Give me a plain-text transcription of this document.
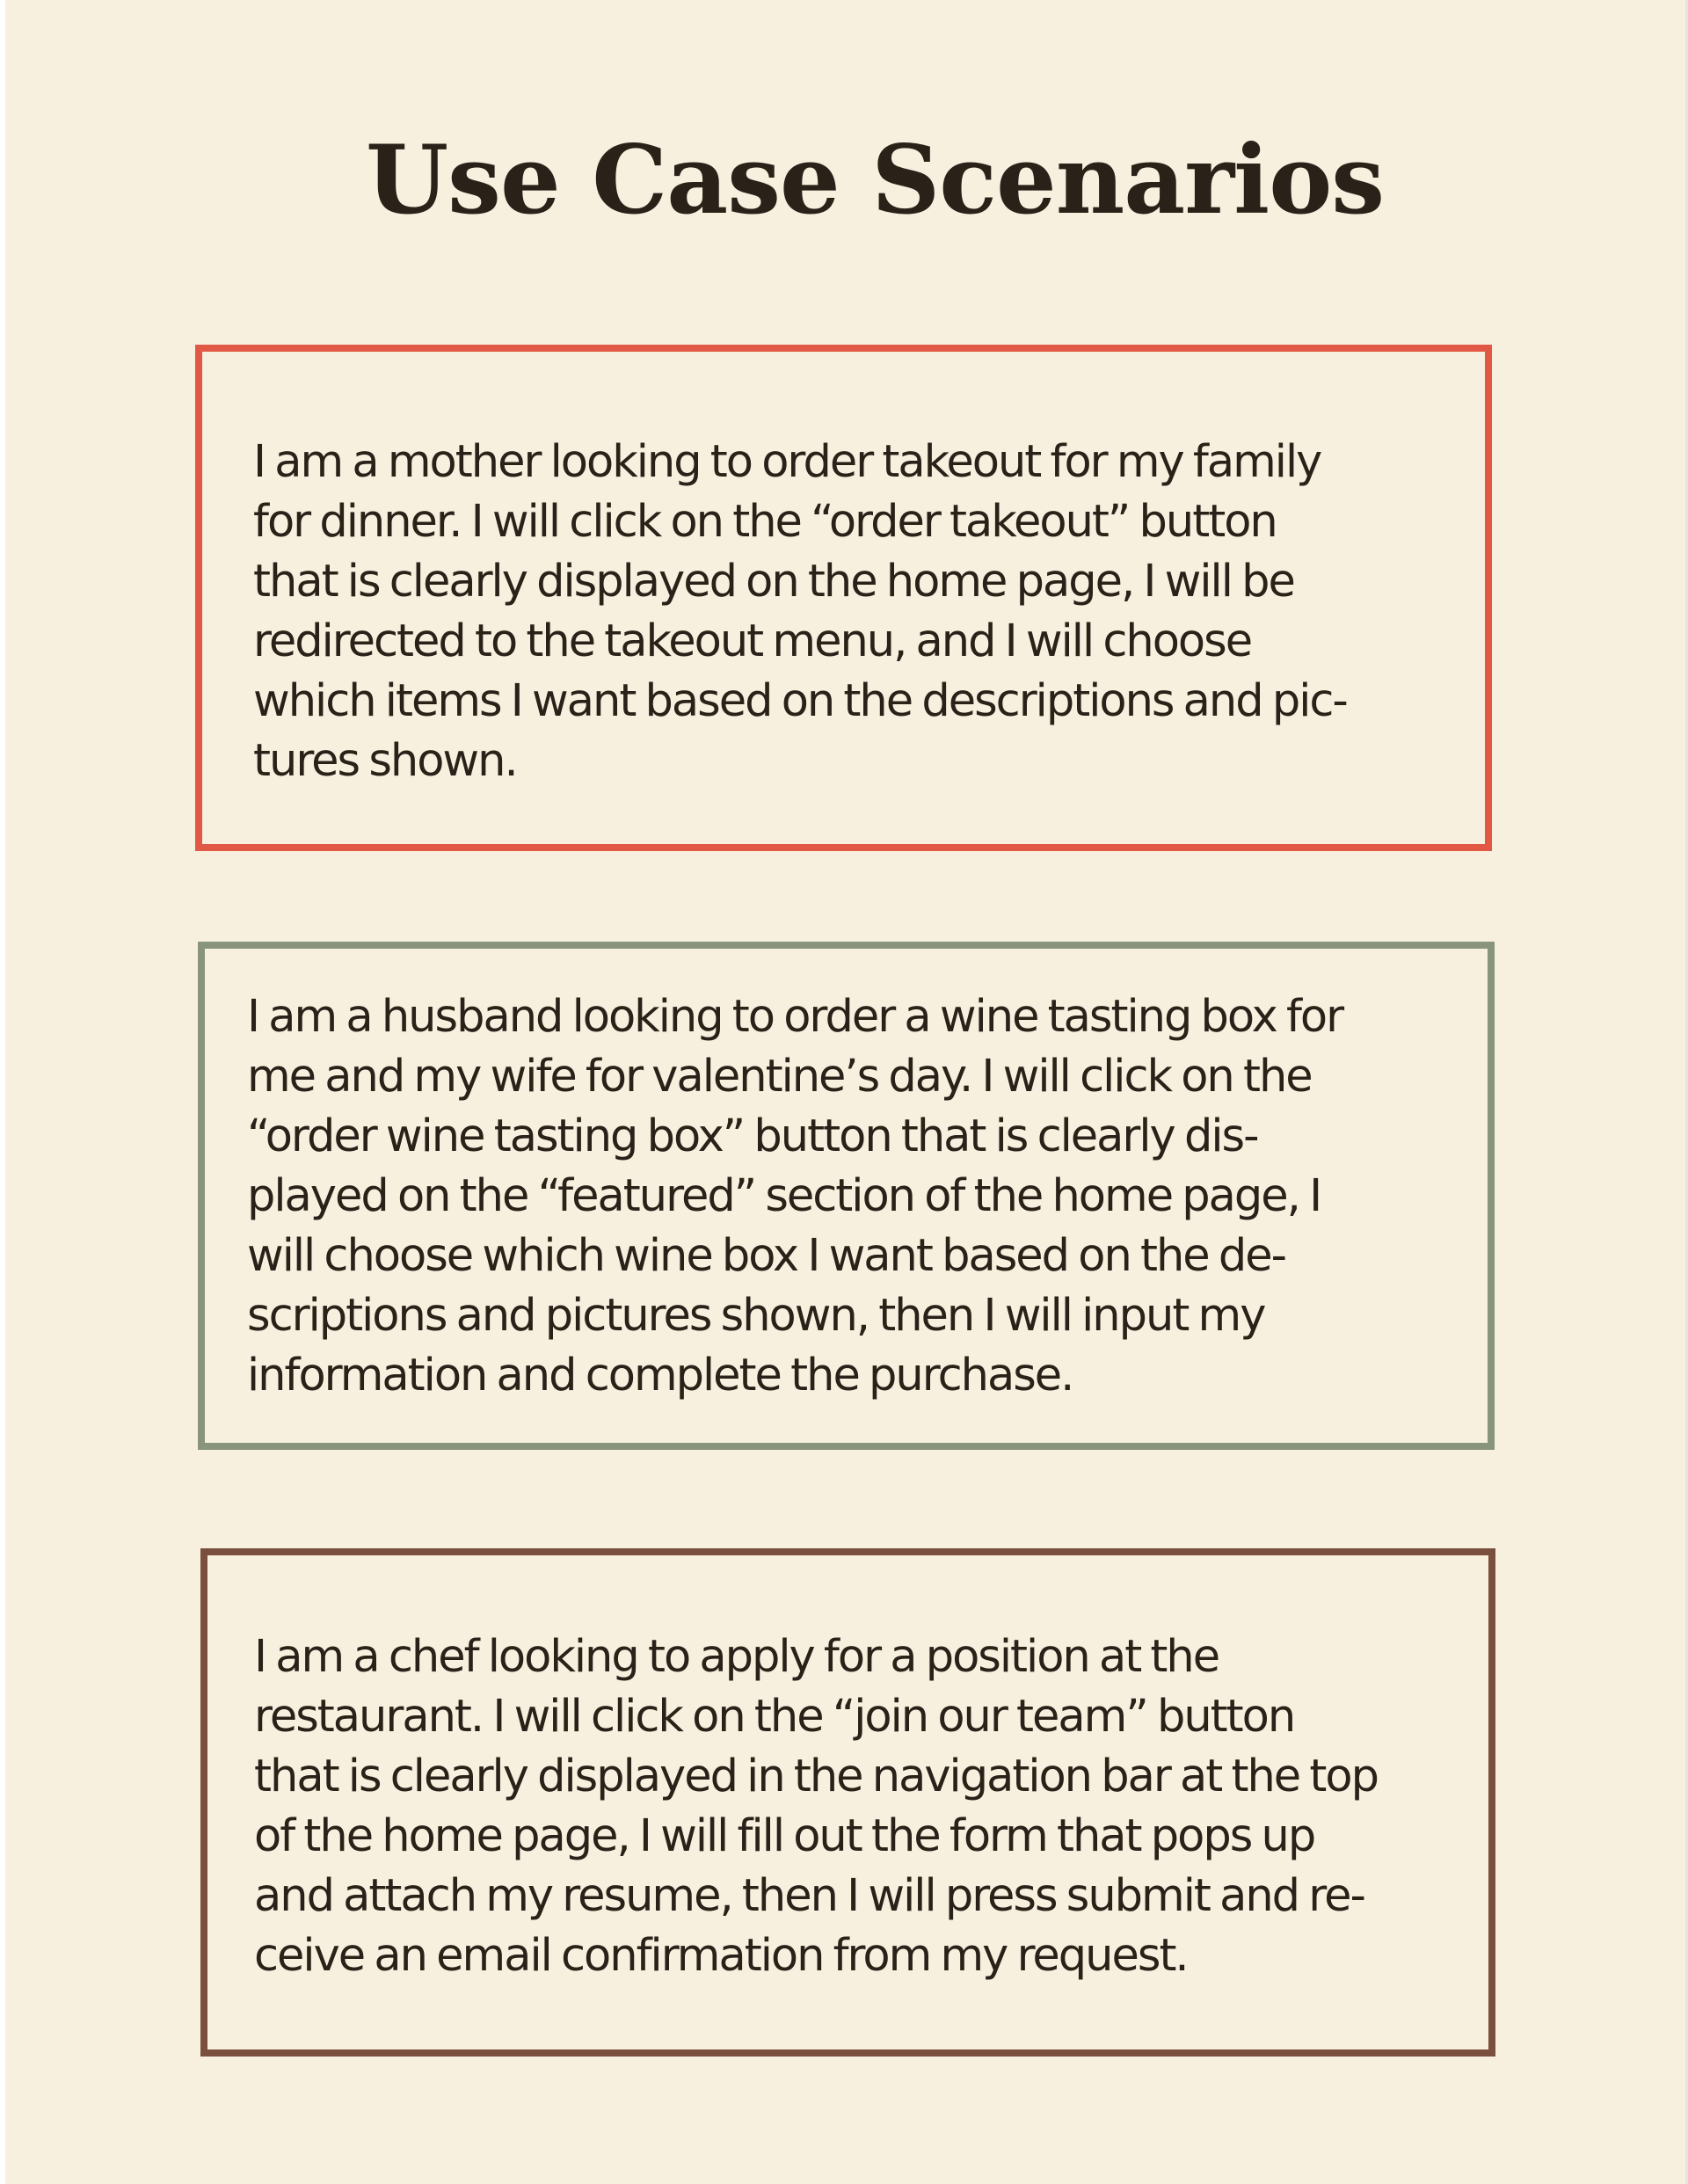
Use Case Scenarios

I am a mother looking to order takeout for my family
for dinner. I will click on the “order takeout” button
that is clearly displayed on the home page, I will be
redirected to the takeout menu, and I will choose
which items I want based on the descriptions and pic-
tures shown.

I am a husband looking to order a wine tasting box for
me and my wife for valentine’s day. I will click on the
“order wine tasting box” button that is clearly dis-
played on the “featured” section of the home page, I
will choose which wine box I want based on the de-
scriptions and pictures shown, then I will input my
information and complete the purchase.

I am a chef looking to apply for a position at the
restaurant. I will click on the “join our team” button
that is clearly displayed in the navigation bar at the top
of the home page, I will fill out the form that pops up
and attach my resume, then I will press submit and re-
ceive an email confirmation from my request.
